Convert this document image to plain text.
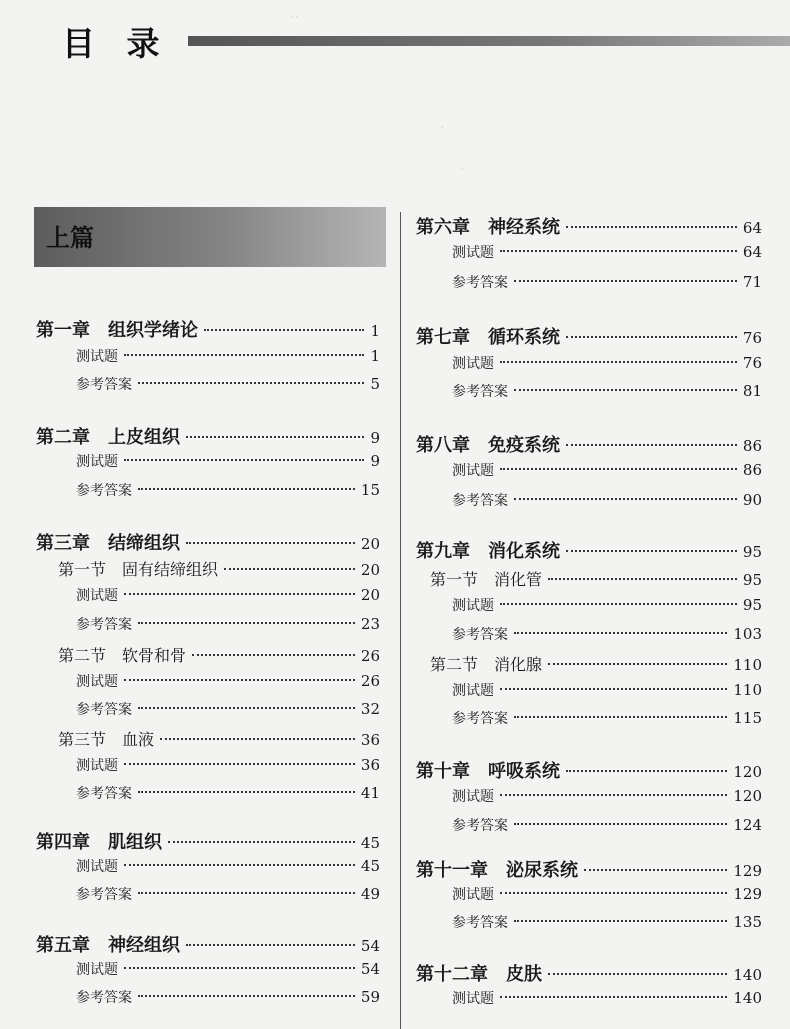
··
·
·
目 录
上篇
第一章　组织学绪论	1
测试题	1
参考答案	5
第二章　上皮组织	9
测试题	9
参考答案	15
第三章　结缔组织	20
第一节　固有结缔组织	20
测试题	20
参考答案	23
第二节　软骨和骨	26
测试题	26
参考答案	32
第三节　血液	36
测试题	36
参考答案	41
第四章　肌组织	45
测试题	45
参考答案	49
第五章　神经组织	54
测试题	54
参考答案	59
第六章　神经系统	64
测试题	64
参考答案	71
第七章　循环系统	76
测试题	76
参考答案	81
第八章　免疫系统	86
测试题	86
参考答案	90
第九章　消化系统	95
第一节　消化管	95
测试题	95
参考答案	103
第二节　消化腺	110
测试题	110
参考答案	115
第十章　呼吸系统	120
测试题	120
参考答案	124
第十一章　泌尿系统	129
测试题	129
参考答案	135
第十二章　皮肤	140
测试题	140
